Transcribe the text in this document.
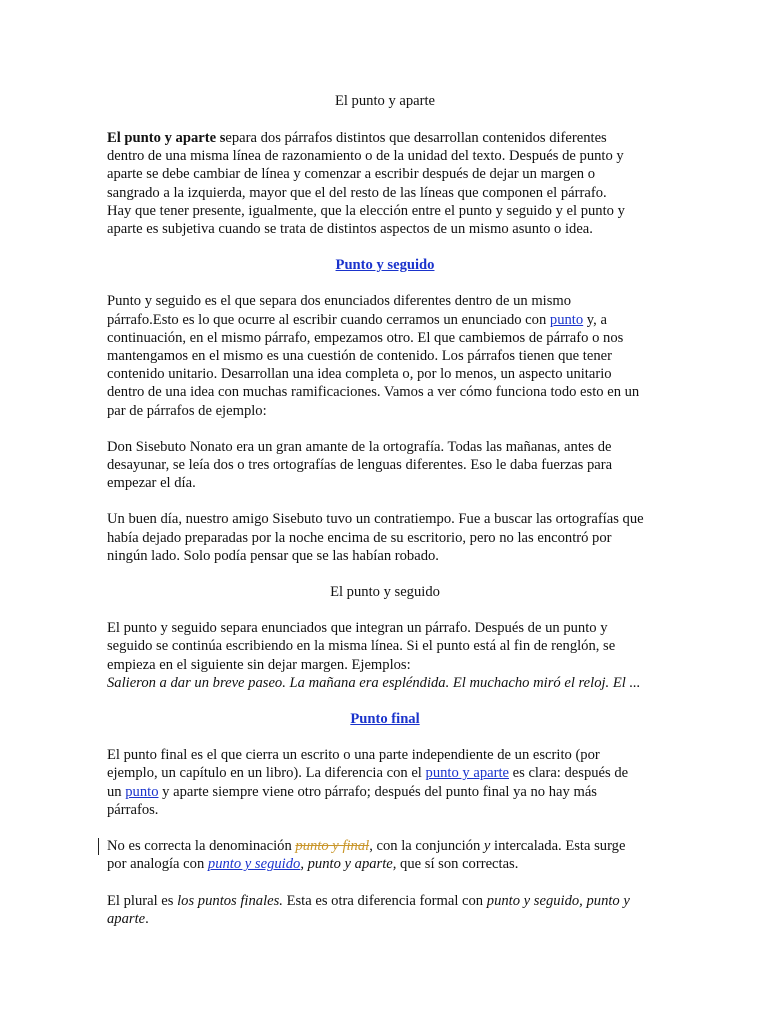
El punto y aparte

El punto y aparte separa dos párrafos distintos que desarrollan contenidos diferentes
dentro de una misma línea de razonamiento o de la unidad del texto. Después de punto y
aparte se debe cambiar de línea y comenzar a escribir después de dejar un margen o
sangrado a la izquierda, mayor que el del resto de las líneas que componen el párrafo.
Hay que tener presente, igualmente, que la elección entre el punto y seguido y el punto y
aparte es subjetiva cuando se trata de distintos aspectos de un mismo asunto o idea.

Punto y seguido

Punto y seguido es el que separa dos enunciados diferentes dentro de un mismo
párrafo.Esto es lo que ocurre al escribir cuando cerramos un enunciado con punto y, a
continuación, en el mismo párrafo, empezamos otro. El que cambiemos de párrafo o nos
mantengamos en el mismo es una cuestión de contenido. Los párrafos tienen que tener
contenido unitario. Desarrollan una idea completa o, por lo menos, un aspecto unitario
dentro de una idea con muchas ramificaciones. Vamos a ver cómo funciona todo esto en un
par de párrafos de ejemplo:

Don Sisebuto Nonato era un gran amante de la ortografía. Todas las mañanas, antes de
desayunar, se leía dos o tres ortografías de lenguas diferentes. Eso le daba fuerzas para
empezar el día.

Un buen día, nuestro amigo Sisebuto tuvo un contratiempo. Fue a buscar las ortografías que
había dejado preparadas por la noche encima de su escritorio, pero no las encontró por
ningún lado. Solo podía pensar que se las habían robado.

El punto y seguido

El punto y seguido separa enunciados que integran un párrafo. Después de un punto y
seguido se continúa escribiendo en la misma línea. Si el punto está al fin de renglón, se
empieza en el siguiente sin dejar margen. Ejemplos:
Salieron a dar un breve paseo. La mañana era espléndida. El muchacho miró el reloj. El ...

Punto final

El punto final es el que cierra un escrito o una parte independiente de un escrito (por
ejemplo, un capítulo en un libro). La diferencia con el punto y aparte es clara: después de
un punto y aparte siempre viene otro párrafo; después del punto final ya no hay más
párrafos.

No es correcta la denominación punto y final, con la conjunción y intercalada. Esta surge
por analogía con punto y seguido, punto y aparte, que sí son correctas.

El plural es los puntos finales. Esta es otra diferencia formal con punto y seguido, punto y
aparte.
